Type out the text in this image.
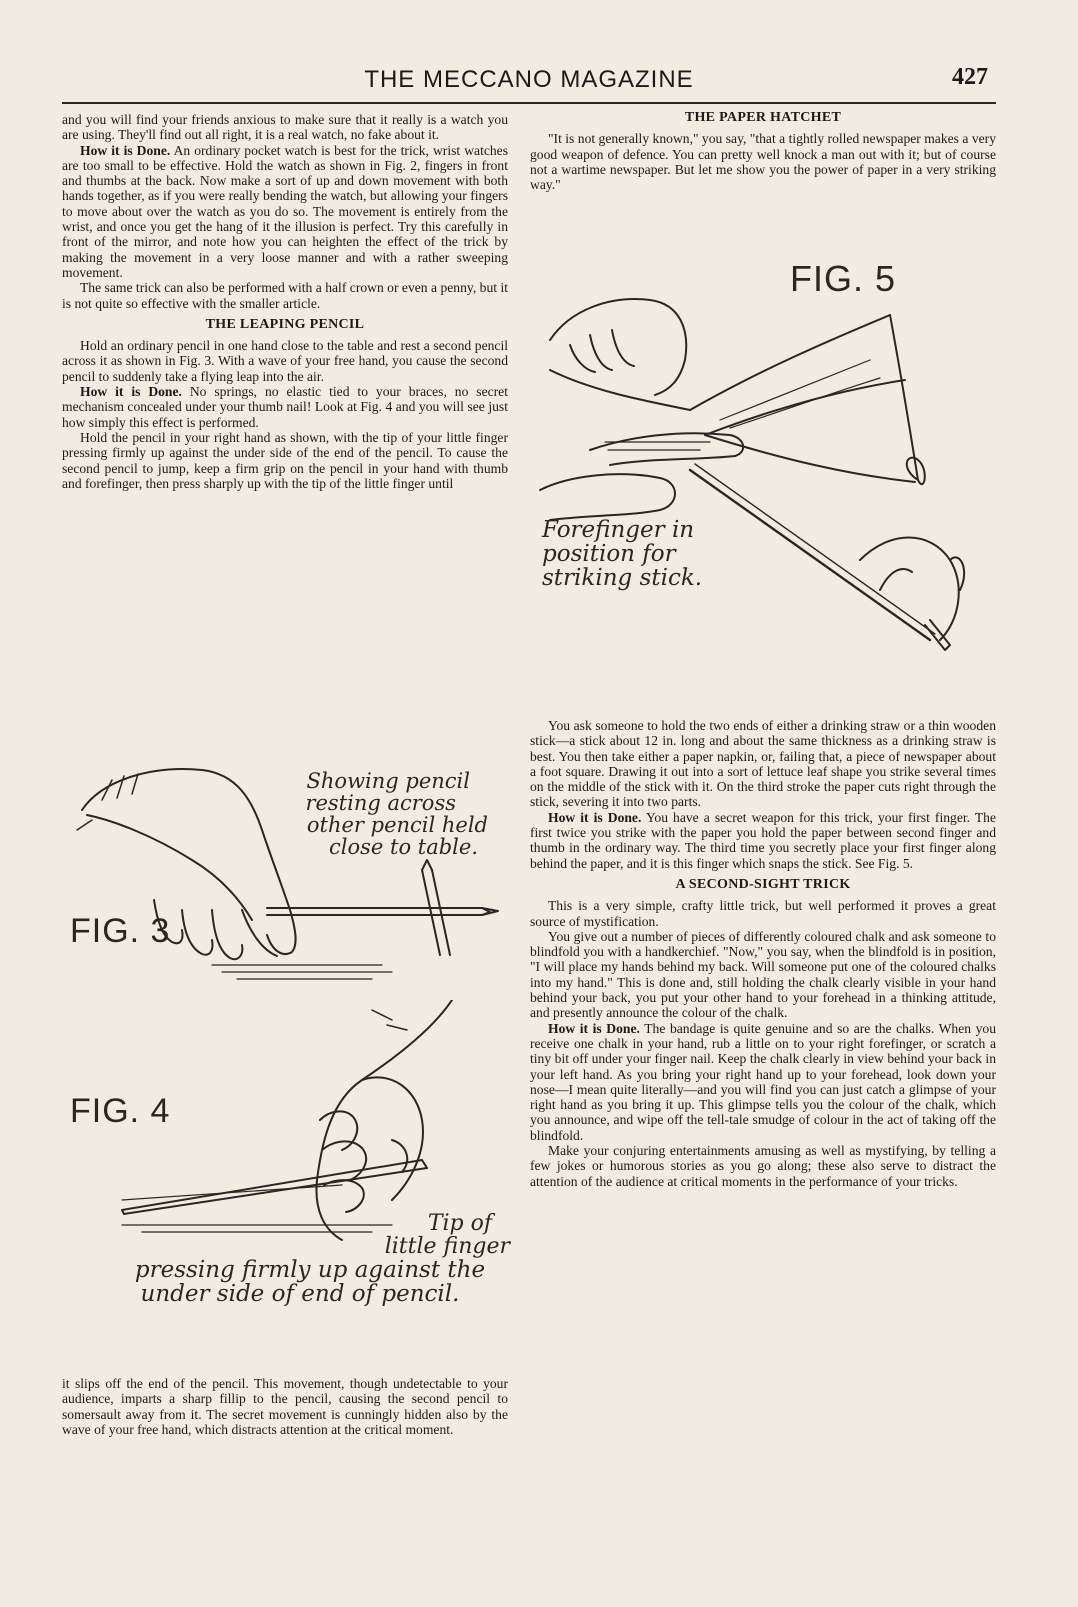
THE MECCANO MAGAZINE	427

and you will find your friends anxious to make sure that it really is a watch you are using. They'll find out all right, it is a real watch, no fake about it.

How it is Done. An ordinary pocket watch is best for the trick, wrist watches are too small to be effective. Hold the watch as shown in Fig. 2, fingers in front and thumbs at the back. Now make a sort of up and down movement with both hands together, as if you were really bending the watch, but allowing your fingers to move about over the watch as you do so. The movement is entirely from the wrist, and once you get the hang of it the illusion is perfect. Try this carefully in front of the mirror, and note how you can heighten the effect of the trick by making the movement in a very loose manner and with a rather sweeping movement.

The same trick can also be performed with a half crown or even a penny, but it is not quite so effective with the smaller article.

THE LEAPING PENCIL

Hold an ordinary pencil in one hand close to the table and rest a second pencil across it as shown in Fig. 3. With a wave of your free hand, you cause the second pencil to suddenly take a flying leap into the air.

How it is Done. No springs, no elastic tied to your braces, no secret mechanism concealed under your thumb nail! Look at Fig. 4 and you will see just how simply this effect is performed.

Hold the pencil in your right hand as shown, with the tip of your little finger pressing firmly up against the under side of the end of the pencil. To cause the second pencil to jump, keep a firm grip on the pencil in your hand with thumb and forefinger, then press sharply up with the tip of the little finger until

FIG. 3
Showing pencil
resting across
other pencil held
close to table.
FIG. 4
Tip of
little finger
pressing firmly up against the
under side of end of pencil.

it slips off the end of the pencil. This movement, though undetectable to your audience, imparts a sharp fillip to the pencil, causing the second pencil to somersault away from it. The secret movement is cunningly hidden also by the wave of your free hand, which distracts attention at the critical moment.

THE PAPER HATCHET

"It is not generally known," you say, "that a tightly rolled newspaper makes a very good weapon of defence. You can pretty well knock a man out with it; but of course not a wartime newspaper. But let me show you the power of paper in a very striking way."

FIG. 5
Forefinger in
position for
striking stick.

You ask someone to hold the two ends of either a drinking straw or a thin wooden stick—a stick about 12 in. long and about the same thickness as a drinking straw is best. You then take either a paper napkin, or, failing that, a piece of newspaper about a foot square. Drawing it out into a sort of lettuce leaf shape you strike several times on the middle of the stick with it. On the third stroke the paper cuts right through the stick, severing it into two parts.

How it is Done. You have a secret weapon for this trick, your first finger. The first twice you strike with the paper you hold the paper between second finger and thumb in the ordinary way. The third time you secretly place your first finger along behind the paper, and it is this finger which snaps the stick. See Fig. 5.

A SECOND-SIGHT TRICK

This is a very simple, crafty little trick, but well performed it proves a great source of mystification.

You give out a number of pieces of differently coloured chalk and ask someone to blindfold you with a handkerchief. "Now," you say, when the blindfold is in position, "I will place my hands behind my back. Will someone put one of the coloured chalks into my hand." This is done and, still holding the chalk clearly visible in your hand behind your back, you put your other hand to your forehead in a thinking attitude, and presently announce the colour of the chalk.

How it is Done. The bandage is quite genuine and so are the chalks. When you receive one chalk in your hand, rub a little on to your right forefinger, or scratch a tiny bit off under your finger nail. Keep the chalk clearly in view behind your back in your left hand. As you bring your right hand up to your forehead, look down your nose—I mean quite literally—and you will find you can just catch a glimpse of your right hand as you bring it up. This glimpse tells you the colour of the chalk, which you announce, and wipe off the tell-tale smudge of colour in the act of taking off the blindfold.

Make your conjuring entertainments amusing as well as mystifying, by telling a few jokes or humorous stories as you go along; these also serve to distract the attention of the audience at critical moments in the performance of your tricks.
